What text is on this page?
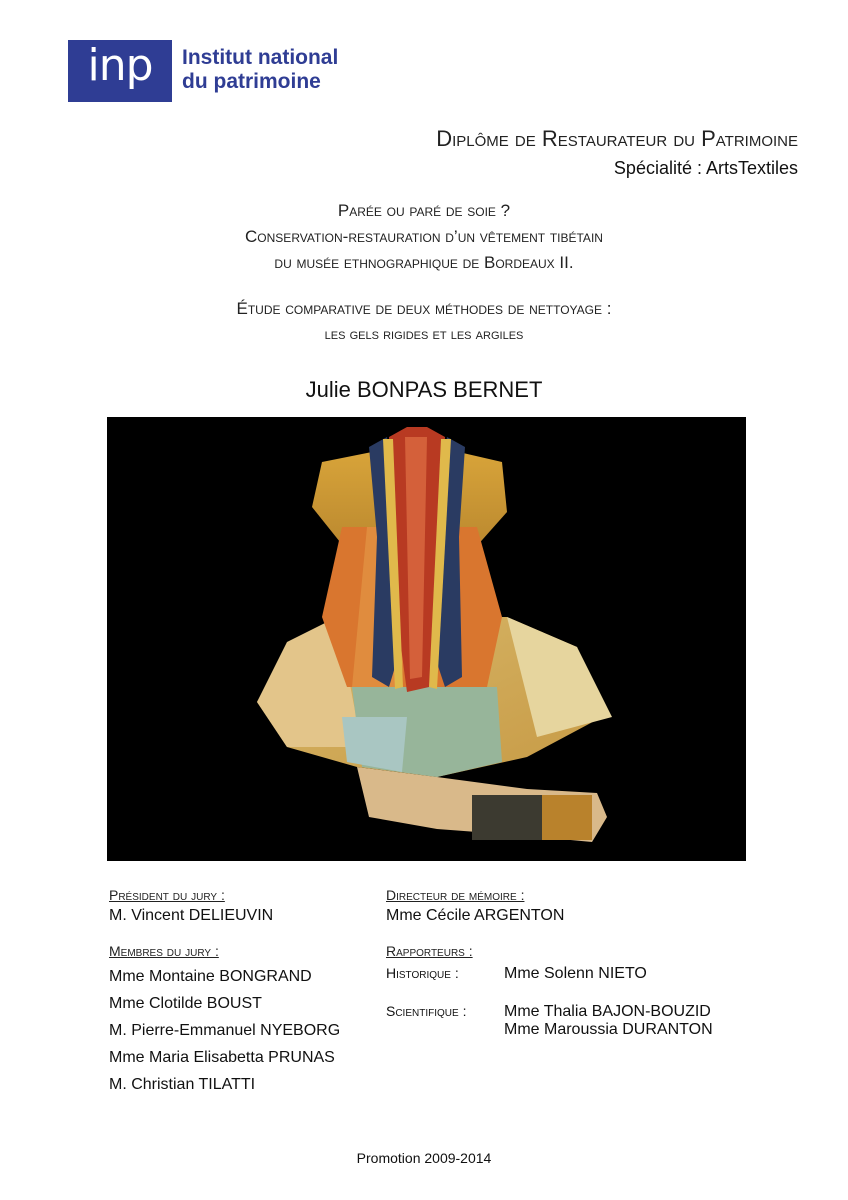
inp	Institut national
du patrimoine
Diplôme de Restaurateur du Patrimoine
Spécialité : ArtsTextiles
Parée ou paré de soie ?
Conservation-restauration d’un vêtement tibétain
du musée ethnographique de Bordeaux II.
Étude comparative de deux méthodes de nettoyage :
les gels rigides et les argiles
Julie BONPAS BERNET
Président du jury :
M. Vincent DELIEUVIN
Membres du jury :
Mme Montaine BONGRAND
Mme Clotilde BOUST
M. Pierre-Emmanuel NYEBORG
Mme Maria Elisabetta PRUNAS
M. Christian TILATTI
Directeur de mémoire :
Mme Cécile ARGENTON
Rapporteurs :
Historique :	Mme Solenn NIETO
Scientifique :	Mme Thalia BAJON-BOUZID
Mme Maroussia DURANTON
Promotion 2009-2014
